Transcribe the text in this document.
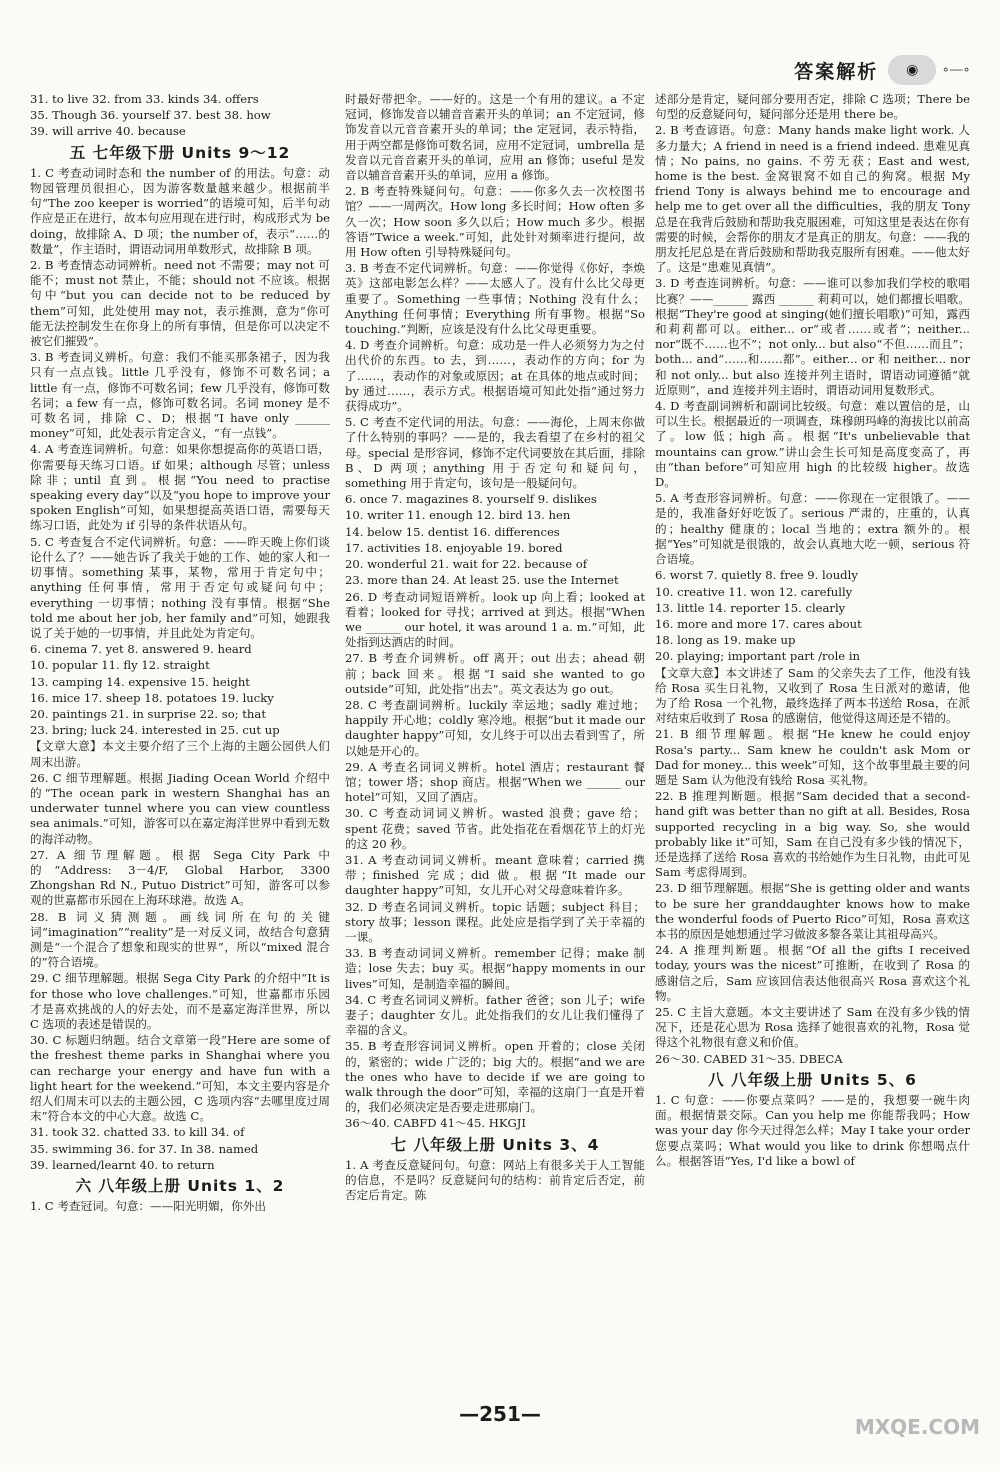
答案解析	◉	∘—∘

31. to live 32. from 33. kinds 34. offers

35. Though 36. yourself 37. best 38. how

39. will arrive 40. because

五 七年级下册 Units 9～12

1. C 考查动词时态和 the number of 的用法。句意：动物园管理员很担心，因为游客数量越来越少。根据前半句“The zoo keeper is worried”的语境可知，后半句动作应是正在进行，故本句应用现在进行时，构成形式为 be doing，故排除 A、D 项；the number of，表示“……的数量”，作主语时，谓语动词用单数形式，故排除 B 项。

2. B 考查情态动词辨析。need not 不需要；may not 可能不；must not 禁止，不能；should not 不应该。根据句中“but you can decide not to be reduced by them”可知，此处使用 may not，表示推测，意为“你可能无法控制发生在你身上的所有事情，但是你可以决定不被它们摧毁”。

3. B 考查词义辨析。句意：我们不能买那条裙子，因为我只有一点点钱。little 几乎没有，修饰不可数名词；a little 有一点，修饰不可数名词；few 几乎没有，修饰可数名词；a few 有一点，修饰可数名词。名词 money 是不可数名词，排除 C、D；根据“I have only ______ money”可知，此处表示肯定含义，“有一点钱”。

4. A 考查连词辨析。句意：如果你想提高你的英语口语，你需要每天练习口语。if 如果；although 尽管；unless 除非；until 直到。根据“You need to practise speaking every day”以及“you hope to improve your spoken English”可知，如果想提高英语口语，需要每天练习口语，此处为 if 引导的条件状语从句。

5. C 考查复合不定代词辨析。句意：——昨天晚上你们谈论什么了？——她告诉了我关于她的工作、她的家人和一切事情。something 某事，某物，常用于肯定句中；anything 任何事情，常用于否定句或疑问句中；everything 一切事情；nothing 没有事情。根据“She told me about her job, her family and”可知，她跟我说了关于她的一切事情，并且此处为肯定句。

6. cinema 7. yet 8. answered 9. heard

10. popular 11. fly 12. straight

13. camping 14. expensive 15. height

16. mice 17. sheep 18. potatoes 19. lucky

20. paintings 21. in surprise 22. so; that

23. bring; luck 24. interested in 25. cut up

【文章大意】本文主要介绍了三个上海的主题公园供人们周末出游。

26. C 细节理解题。根据 Jiading Ocean World 介绍中的“The ocean park in western Shanghai has an underwater tunnel where you can view countless sea animals.”可知，游客可以在嘉定海洋世界中看到无数的海洋动物。

27. A 细节理解题。根据 Sega City Park 中的“Address: 3－4/F, Global Harbor, 3300 Zhongshan Rd N., Putuo District”可知，游客可以参观的世嘉都市乐园在上海环球港。故选 A。

28. B 词义猜测题。画线词所在句的关键词“imagination”“reality”是一对反义词，故结合句意猜测是“一个混合了想象和现实的世界”，所以“mixed 混合的”符合语境。

29. C 细节理解题。根据 Sega City Park 的介绍中“It is for those who love challenges.”可知，世嘉都市乐园才是喜欢挑战的人的好去处，而不是嘉定海洋世界，所以 C 选项的表述是错误的。

30. C 标题归纳题。结合文章第一段“Here are some of the freshest theme parks in Shanghai where you can recharge your energy and have fun with a light heart for the weekend.”可知，本文主要内容是介绍人们周末可以去的主题公园，C 选项内容“去哪里度过周末”符合本文的中心大意。故选 C。

31. took 32. chatted 33. to kill 34. of

35. swimming 36. for 37. In 38. named

39. learned/learnt 40. to return

六 八年级上册 Units 1、2

1. C 考查冠词。句意：——阳光明媚，你外出

时最好带把伞。——好的。这是一个有用的建议。a 不定冠词，修饰发音以辅音音素开头的单词；an 不定冠词，修饰发音以元音音素开头的单词；the 定冠词，表示特指，用于两空都是修饰可数名词，应用不定冠词，umbrella 是发音以元音音素开头的单词，应用 an 修饰；useful 是发音以辅音音素开头的单词，应用 a 修饰。

2. B 考查特殊疑问句。句意：——你多久去一次校图书馆？——一周两次。How long 多长时间；How often 多久一次；How soon 多久以后；How much 多少。根据答语“Twice a week.”可知，此处针对频率进行提问，故用 How often 引导特殊疑问句。

3. B 考查不定代词辨析。句意：——你觉得《你好，李焕英》这部电影怎么样？——太感人了。没有什么比父母更重要了。Something 一些事情；Nothing 没有什么；Anything 任何事情；Everything 所有事物。根据“So touching.”判断，应该是没有什么比父母更重要。

4. D 考查介词辨析。句意：成功是一件人必须努力为之付出代价的东西。to 去，到……，表动作的方向；for 为了……，表动作的对象或原因；at 在具体的地点或时间；by 通过……，表示方式。根据语境可知此处指“通过努力获得成功”。

5. C 考查不定代词的用法。句意：——海伦，上周末你做了什么特别的事吗？——是的，我去看望了在乡村的祖父母。special 是形容词，修饰不定代词要放在其后面，排除 B、D 两项；anything 用于否定句和疑问句，something 用于肯定句，该句是一般疑问句。

6. once 7. magazines 8. yourself 9. dislikes

10. writer 11. enough 12. bird 13. hen

14. below 15. dentist 16. differences

17. activities 18. enjoyable 19. bored

20. wonderful 21. wait for 22. because of

23. more than 24. At least 25. use the Internet

26. D 考查动词短语辨析。look up 向上看；looked at 看着；looked for 寻找；arrived at 到达。根据“When we ______ our hotel, it was around 1 a. m.”可知，此处指到达酒店的时间。

27. B 考查介词辨析。off 离开；out 出去；ahead 朝前；back 回来。根据“I said she wanted to go outside”可知，此处指“出去”。英文表达为 go out。

28. C 考查副词辨析。luckily 幸运地；sadly 难过地；happily 开心地；coldly 寒冷地。根据“but it made our daughter happy”可知，女儿终于可以出去看到雪了，所以她是开心的。

29. A 考查名词词义辨析。hotel 酒店；restaurant 餐馆；tower 塔；shop 商店。根据“When we ______ our hotel”可知，又回了酒店。

30. C 考查动词词义辨析。wasted 浪费；gave 给；spent 花费；saved 节省。此处指花在看烟花节上的灯光的这 20 秒。

31. A 考查动词词义辨析。meant 意味着；carried 携带；finished 完成；did 做。根据“It made our daughter happy”可知，女儿开心对父母意味着许多。

32. D 考查名词词义辨析。topic 话题；subject 科目；story 故事；lesson 课程。此处应是指学到了关于幸福的一课。

33. B 考查动词词义辨析。remember 记得；make 制造；lose 失去；buy 买。根据“happy moments in our lives”可知，是制造幸福的瞬间。

34. C 考查名词词义辨析。father 爸爸；son 儿子；wife 妻子；daughter 女儿。此处指我们的女儿让我们懂得了幸福的含义。

35. B 考查形容词词义辨析。open 开着的；close 关闭的，紧密的；wide 广泛的；big 大的。根据“and we are the ones who have to decide if we are going to walk through the door”可知，幸福的这扇门一直是开着的，我们必须决定是否要走进那扇门。

36～40. CABFD 41～45. HKGJI

七 八年级上册 Units 3、4

1. A 考查反意疑问句。句意：网站上有很多关于人工智能的信息，不是吗？反意疑问句的结构：前肯定后否定，前否定后肯定。陈

述部分是肯定，疑问部分要用否定，排除 C 选项；There be 句型的反意疑问句，疑问部分还是用 there be。

2. B 考查谚语。句意：Many hands make light work. 人多力量大；A friend in need is a friend indeed. 患难见真情；No pains, no gains. 不劳无获；East and west, home is the best. 金窝银窝不如自己的狗窝。根据 My friend Tony is always behind me to encourage and help me to get over all the difficulties，我的朋友 Tony 总是在我背后鼓励和帮助我克服困难，可知这里是表达在你有需要的时候，会帮你的朋友才是真正的朋友。句意：——我的朋友托尼总是在背后鼓励和帮助我克服所有困难。——他太好了。这是“患难见真情”。

3. D 考查连词辨析。句意：——谁可以参加我们学校的歌唱比赛？——______ 露西 ______ 莉莉可以，她们都擅长唱歌。根据“They're good at singing(她们擅长唱歌)”可知，露西和莉莉都可以。either... or“或者……或者”；neither... nor“既不……也不”；not only... but also“不但……而且”；both... and“……和……都”。either... or 和 neither... nor 和 not only... but also 连接并列主语时，谓语动词遵循“就近原则”，and 连接并列主语时，谓语动词用复数形式。

4. D 考查副词辨析和副词比较级。句意：难以置信的是，山可以生长。根据最近的一项调查，珠穆朗玛峰的海拔比以前高了。low 低；high 高。根据“It's unbelievable that mountains can grow.”讲山会生长可知是高度变高了，再由“than before”可知应用 high 的比较级 higher。故选 D。

5. A 考查形容词辨析。句意：——你现在一定很饿了。——是的，我准备好好吃饭了。serious 严肃的，庄重的，认真的；healthy 健康的；local 当地的；extra 额外的。根据“Yes”可知就是很饿的，故会认真地大吃一顿，serious 符合语境。

6. worst 7. quietly 8. free 9. loudly

10. creative 11. won 12. carefully

13. little 14. reporter 15. clearly

16. more and more 17. cares about

18. long as 19. make up

20. playing; important part /role in

【文章大意】本文讲述了 Sam 的父亲失去了工作，他没有钱给 Rosa 买生日礼物，又收到了 Rosa 生日派对的邀请，他为了给 Rosa 一个礼物，最终选择了两本书送给 Rosa，在派对结束后收到了 Rosa 的感谢信，他觉得这周还是不错的。

21. B 细节理解题。根据“He knew he could enjoy Rosa's party... Sam knew he couldn't ask Mom or Dad for money... this week”可知，这个故事里最主要的问题是 Sam 认为他没有钱给 Rosa 买礼物。

22. B 推理判断题。根据“Sam decided that a second-hand gift was better than no gift at all. Besides, Rosa supported recycling in a big way. So, she would probably like it”可知，Sam 在自己没有多少钱的情况下，还是选择了送给 Rosa 喜欢的书给她作为生日礼物，由此可见 Sam 考虑得周到。

23. D 细节理解题。根据“She is getting older and wants to be sure her granddaughter knows how to make the wonderful foods of Puerto Rico”可知，Rosa 喜欢这本书的原因是她想通过学习做波多黎各菜让其祖母高兴。

24. A 推理判断题。根据“Of all the gifts I received today, yours was the nicest”可推断，在收到了 Rosa 的感谢信之后，Sam 应该回信表达他很高兴 Rosa 喜欢这个礼物。

25. C 主旨大意题。本文主要讲述了 Sam 在没有多少钱的情况下，还是花心思为 Rosa 选择了她很喜欢的礼物，Rosa 觉得这个礼物很有意义和价值。

26～30. CABED 31～35. DBECA

八 八年级上册 Units 5、6

1. C 句意：——你要点菜吗？——是的，我想要一碗牛肉面。根据情景交际。Can you help me 你能帮我吗；How was your day 你今天过得怎么样；May I take your order 您要点菜吗；What would you like to drink 你想喝点什么。根据答语“Yes, I'd like a bowl of

—251—
MXQE.COM
